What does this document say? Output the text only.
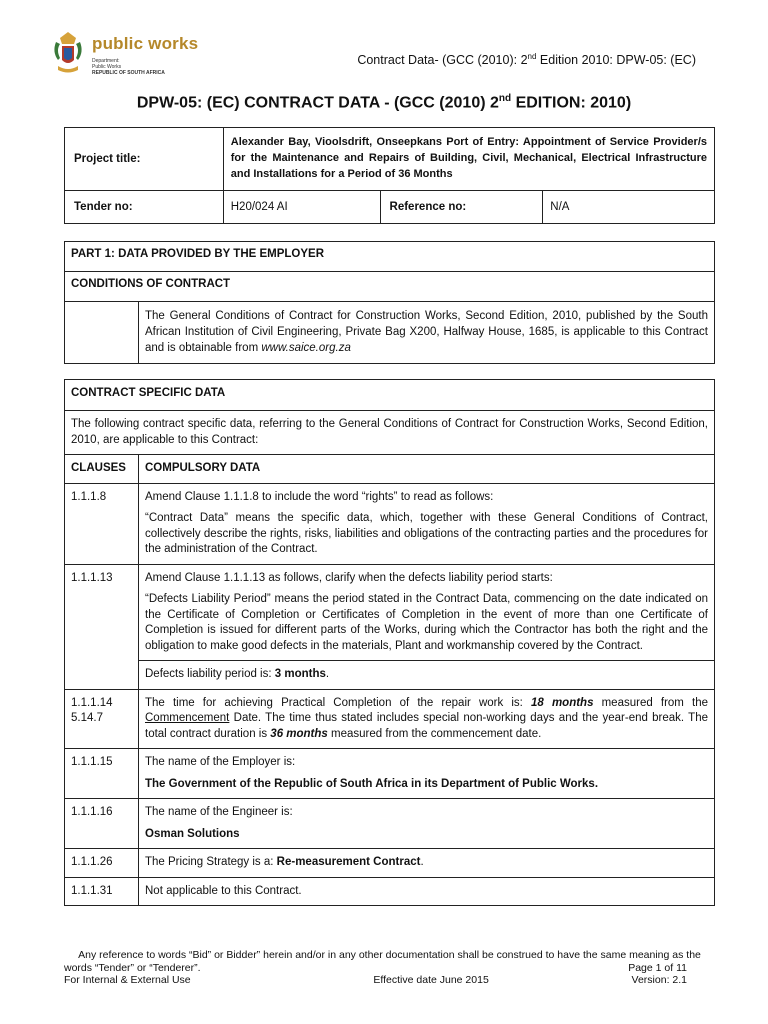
public works
Department:
Public Works
REPUBLIC OF SOUTH AFRICA
Contract Data- (GCC (2010): 2nd Edition 2010: DPW-05: (EC)
DPW-05: (EC) CONTRACT DATA - (GCC (2010) 2nd EDITION: 2010)
Project title:	Alexander Bay, Vioolsdrift, Onseepkans Port of Entry: Appointment of Service Provider/s for the Maintenance and Repairs of Building, Civil, Mechanical, Electrical Infrastructure and Installations for a Period of 36 Months		
Tender no:	H20/024 AI	Reference no:	N/A
PART 1: DATA PROVIDED BY THE EMPLOYER
CONDITIONS OF CONTRACT
	The General Conditions of Contract for Construction Works, Second Edition, 2010, published by the South African Institution of Civil Engineering, Private Bag X200, Halfway House, 1685, is applicable to this Contract and is obtainable from www.saice.org.za
CONTRACT SPECIFIC DATA	
The following contract specific data, referring to the General Conditions of Contract for Construction Works, Second Edition, 2010, are applicable to this Contract:	
CLAUSES	COMPULSORY DATA
1.1.1.8	Amend Clause 1.1.1.8 to include the word “rights” to read as follows:

“Contract Data” means the specific data, which, together with these General Conditions of Contract, collectively describe the rights, risks, liabilities and obligations of the contracting parties and the procedures for the administration of the Contract.

1.1.1.13	Amend Clause 1.1.1.13 as follows, clarify when the defects liability period starts:

“Defects Liability Period” means the period stated in the Contract Data, commencing on the date indicated on the Certificate of Completion or Certificates of Completion in the event of more than one Certificate of Completion is issued for different parts of the Works, during which the Contractor has both the right and the obligation to make good defects in the materials, Plant and workmanship covered by the Contract.

Defects liability period is: 3 months.

1.1.1.14
5.14.7	The time for achieving Practical Completion of the repair work is: 18 months measured from the Commencement Date. The time thus stated includes special non-working days and the year-end break. The total contract duration is 36 months measured from the commencement date.
1.1.1.15	The name of the Employer is:

The Government of the Republic of South Africa in its Department of Public Works.

1.1.1.16	The name of the Engineer is:

Osman Solutions

1.1.1.26	The Pricing Strategy is a: Re-measurement Contract.
1.1.1.31	Not applicable to this Contract.
Any reference to words “Bid” or Bidder” herein and/or in any other documentation shall be construed to have the same meaning as the
words “Tender” or “Tenderer”.	Page 1 of 11
For Internal & External Use	Effective date June 2015	Version: 2.1
